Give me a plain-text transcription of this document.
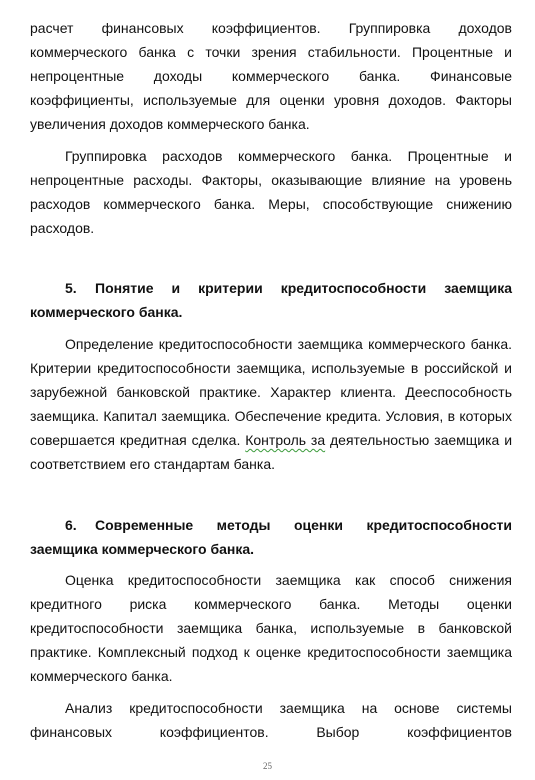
расчет финансовых коэффициентов. Группировка доходов
коммерческого банка с точки зрения стабильности. Процентные и
непроцентные доходы коммерческого банка. Финансовые
коэффициенты, используемые для оценки уровня доходов. Факторы
увеличения доходов коммерческого банка.
Группировка расходов коммерческого банка. Процентные и
непроцентные расходы. Факторы, оказывающие влияние на уровень
расходов коммерческого банка. Меры, способствующие снижению
расходов.
5. Понятие и критерии кредитоспособности заемщика
коммерческого банка.
Определение кредитоспособности заемщика коммерческого банка.
Критерии кредитоспособности заемщика, используемые в российской и
зарубежной банковской практике. Характер клиента. Дееспособность
заемщика. Капитал заемщика. Обеспечение кредита. Условия, в которых
совершается кредитная сделка. Контроль за деятельностью заемщика и
соответствием его стандартам банка.
6. Современные методы оценки кредитоспособности
заемщика коммерческого банка.
Оценка кредитоспособности заемщика как способ снижения
кредитного риска коммерческого банка. Методы оценки
кредитоспособности заемщика банка, используемые в банковской
практике. Комплексный подход к оценке кредитоспособности заемщика
коммерческого банка.
Анализ кредитоспособности заемщика на основе системы
финансовых коэффициентов. Выбор коэффициентов
25
